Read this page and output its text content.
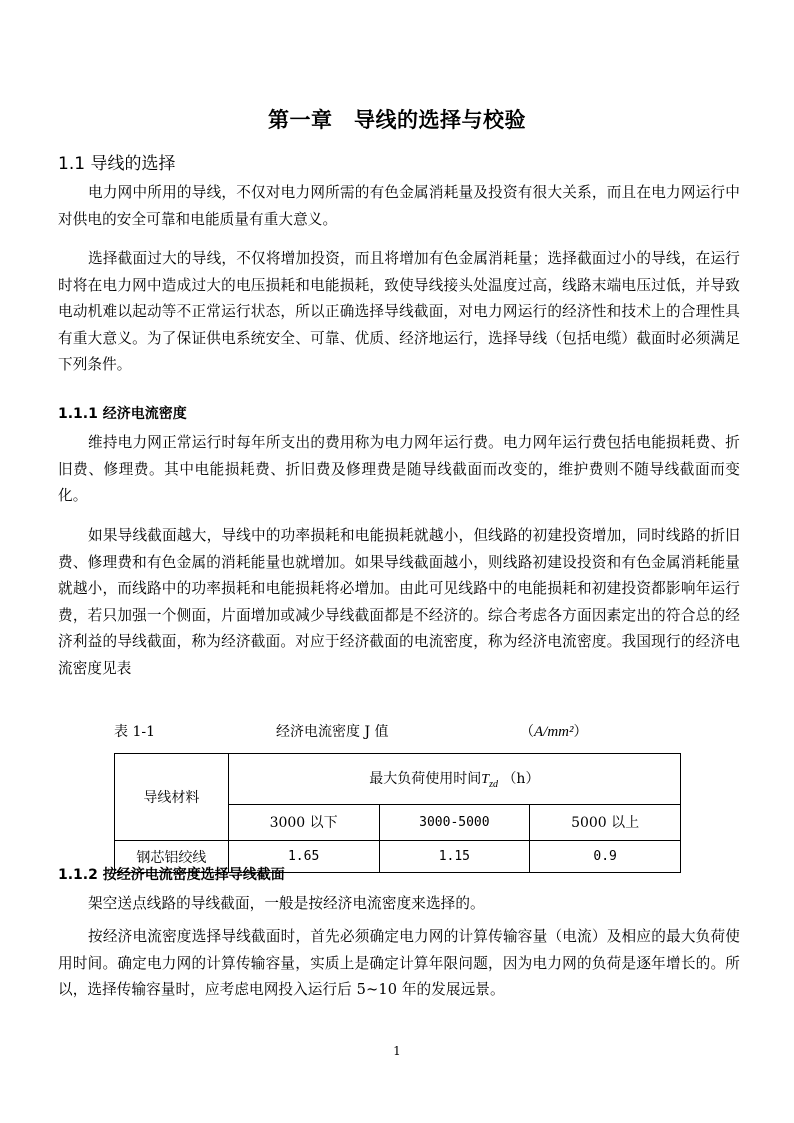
第一章　导线的选择与校验
1.1 导线的选择

电力网中所用的导线，不仅对电力网所需的有色金属消耗量及投资有很大关系，而且在电力网运行中对供电的安全可靠和电能质量有重大意义。

选择截面过大的导线，不仅将增加投资，而且将增加有色金属消耗量；选择截面过小的导线，在运行时将在电力网中造成过大的电压损耗和电能损耗，致使导线接头处温度过高，线路末端电压过低，并导致电动机难以起动等不正常运行状态，所以正确选择导线截面，对电力网运行的经济性和技术上的合理性具有重大意义。为了保证供电系统安全、可靠、优质、经济地运行，选择导线（包括电缆）截面时必须满足下列条件。

1.1.1 经济电流密度

维持电力网正常运行时每年所支出的费用称为电力网年运行费。电力网年运行费包括电能损耗费、折旧费、修理费。其中电能损耗费、折旧费及修理费是随导线截面而改变的，维护费则不随导线截面而变化。

如果导线截面越大，导线中的功率损耗和电能损耗就越小，但线路的初建投资增加，同时线路的折旧费、修理费和有色金属的消耗能量也就增加。如果导线截面越小，则线路初建设投资和有色金属消耗能量就越小，而线路中的功率损耗和电能损耗将必增加。由此可见线路中的电能损耗和初建投资都影响年运行费，若只加强一个侧面，片面增加或减少导线截面都是不经济的。综合考虑各方面因素定出的符合总的经济利益的导线截面，称为经济截面。对应于经济截面的电流密度，称为经济电流密度。我国现行的经济电流密度见表

表 1-1	经济电流密度 J 值	（A/mm²）
导线材料	最大负荷使用时间$T_{zd}$ （h）		
	3000 以下	3000-5000	5000 以上
钢芯铝绞线	1.65	1.15	0.9
1.1.2 按经济电流密度选择导线截面

架空送点线路的导线截面，一般是按经济电流密度来选择的。

按经济电流密度选择导线截面时，首先必须确定电力网的计算传输容量（电流）及相应的最大负荷使用时间。确定电力网的计算传输容量，实质上是确定计算年限问题，因为电力网的负荷是逐年增长的。所以，选择传输容量时，应考虑电网投入运行后 5~10 年的发展远景。

1
